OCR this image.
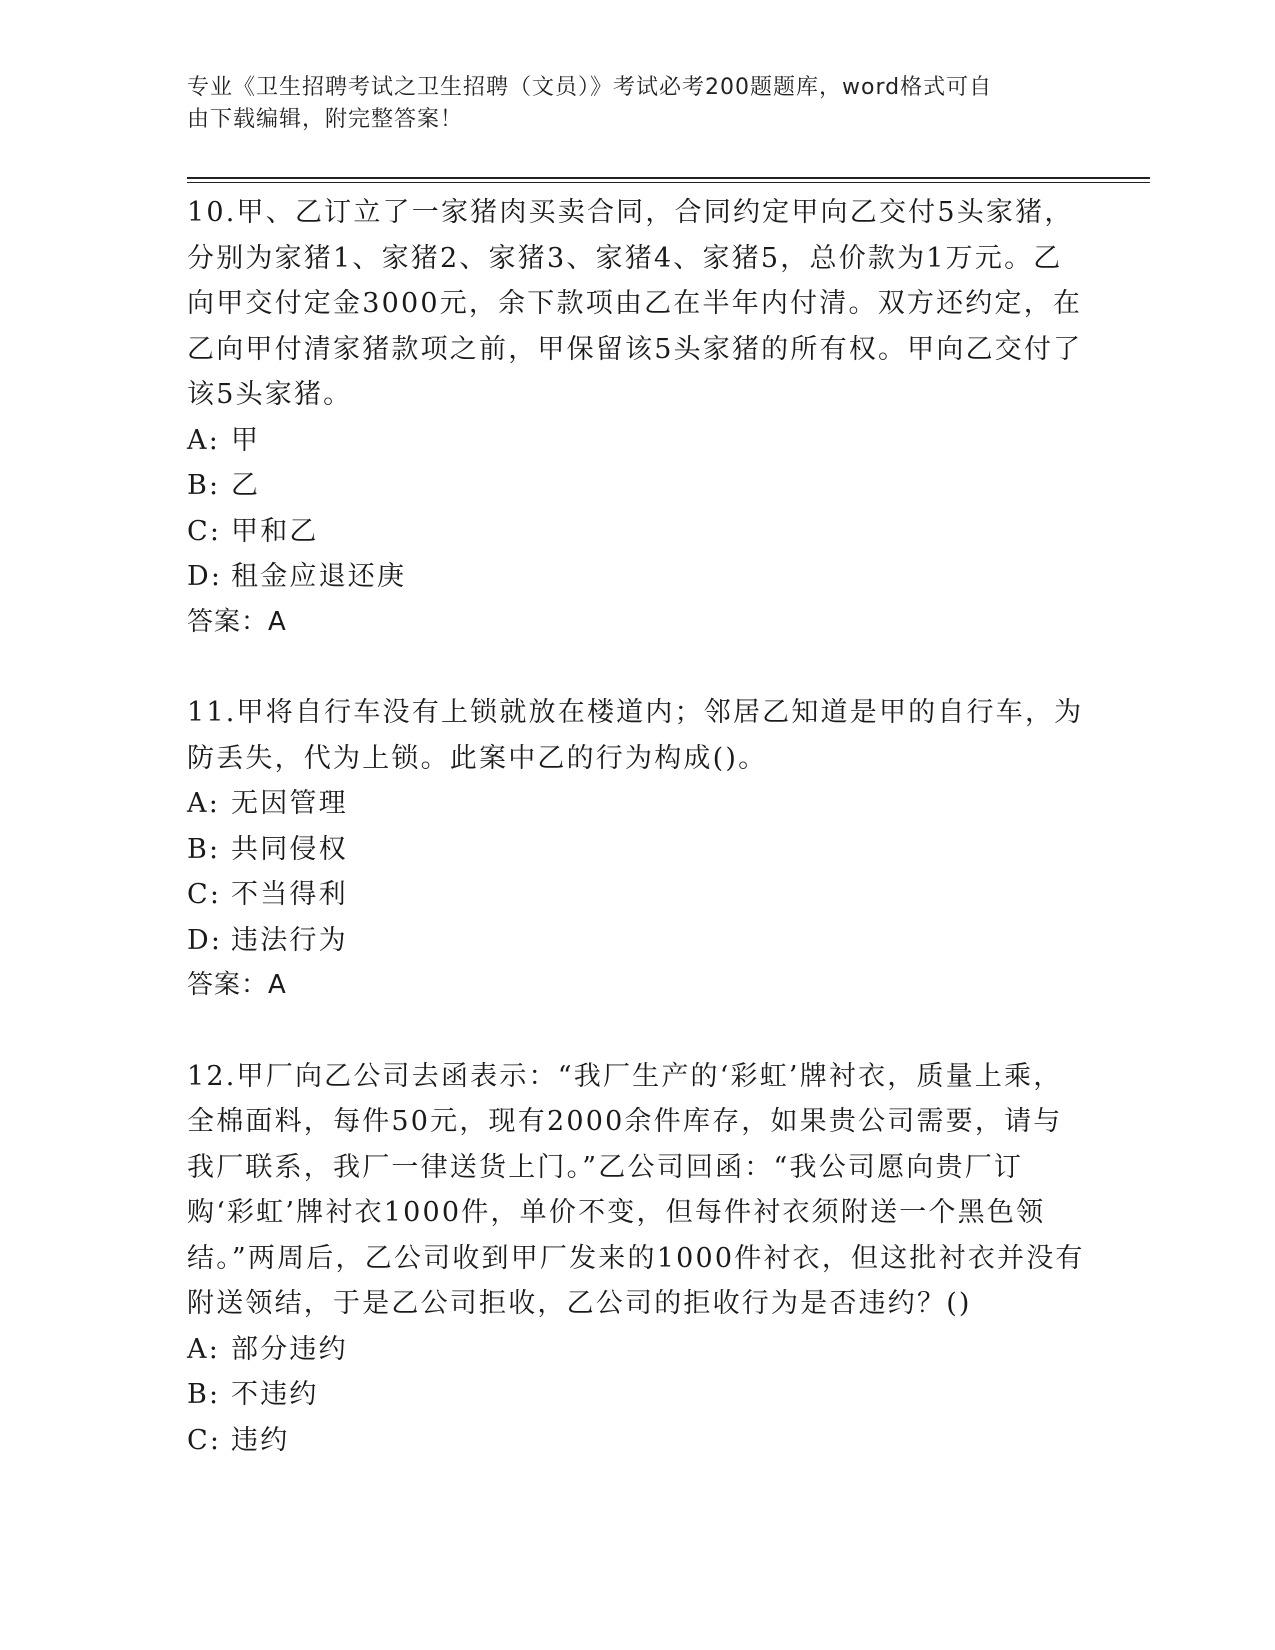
专业《卫生招聘考试之卫生招聘（文员）》考试必考200题题库，word格式可自
由下载编辑，附完整答案！

10.甲、乙订立了一家猪肉买卖合同，合同约定甲向乙交付5头家猪，分别为家猪1、家猪2、家猪3、家猪4、家猪5，总价款为1万元。乙向甲交付定金3000元，余下款项由乙在半年内付清。双方还约定，在乙向甲付清家猪款项之前，甲保留该5头家猪的所有权。甲向乙交付了该5头家猪。

A: 甲

B: 乙

C: 甲和乙

D: 租金应退还庚

答案：A

11.甲将自行车没有上锁就放在楼道内；邻居乙知道是甲的自行车，为防丢失，代为上锁。此案中乙的行为构成()。

A: 无因管理

B: 共同侵权

C: 不当得利

D: 违法行为

答案：A

12.甲厂向乙公司去函表示：“我厂生产的‘彩虹’牌衬衣，质量上乘，全棉面料，每件50元，现有2000余件库存，如果贵公司需要，请与我厂联系，我厂一律送货上门。”乙公司回函：“我公司愿向贵厂订购‘彩虹’牌衬衣1000件，单价不变，但每件衬衣须附送一个黑色领结。”两周后，乙公司收到甲厂发来的1000件衬衣，但这批衬衣并没有附送领结，于是乙公司拒收，乙公司的拒收行为是否违约？()

A: 部分违约

B: 不违约

C: 违约
